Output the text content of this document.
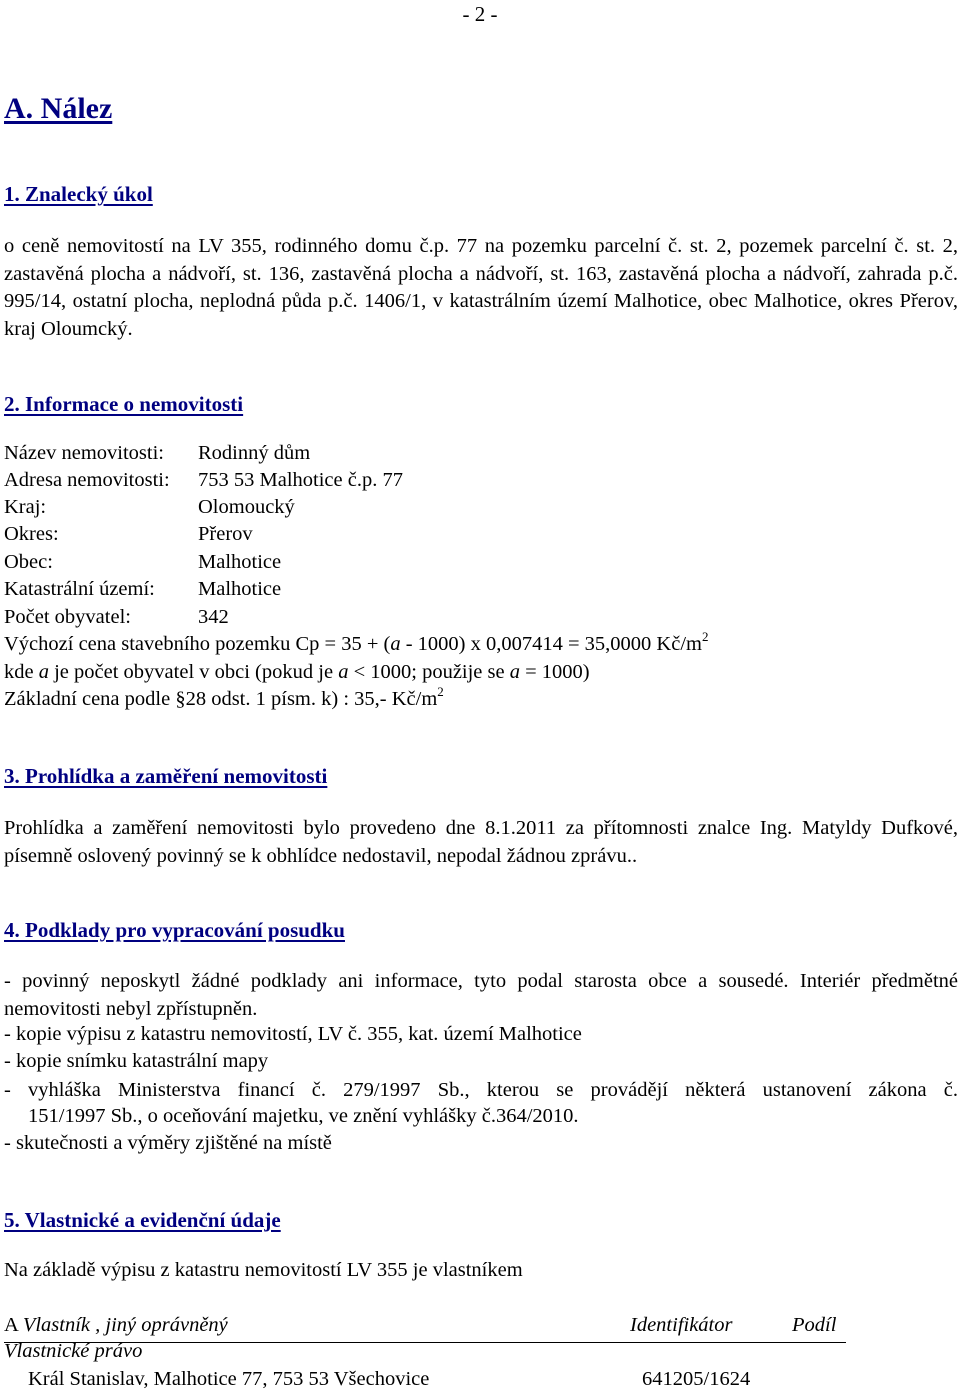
- 2 -
A. Nález
1. Znalecký úkol
o ceně nemovitostí na LV 355, rodinného domu č.p. 77 na pozemku parcelní č. st. 2, pozemek parcelní č. st. 2, zastavěná plocha a nádvoří, st. 136, zastavěná plocha a nádvoří, st. 163, zastavěná plocha a nádvoří, zahrada p.č. 995/14, ostatní plocha, neplodná půda p.č. 1406/1, v katastrálním území Malhotice, obec Malhotice, okres Přerov, kraj Oloumcký.
2. Informace o nemovitosti
Název nemovitosti: Rodinný dům
Adresa nemovitosti: 753 53 Malhotice č.p. 77
Kraj:	Olomoucký
Okres:	Přerov
Obec:	Malhotice
Katastrální území: Malhotice
Počet obyvatel:	342
Výchozí cena stavebního pozemku Cp = 35 + (a - 1000) x 0,007414 = 35,0000 $Kč/m^2$
kde a je počet obyvatel v obci (pokud je a < 1000; použije se a = 1000)
Základní cena podle §28 odst. 1 písm. k) : 35,- $Kč/m^2$
3. Prohlídka a zaměření nemovitosti
Prohlídka a zaměření nemovitosti bylo provedeno dne 8.1.2011 za přítomnosti znalce Ing. Matyldy Dufkové, písemně oslovený povinný se k obhlídce nedostavil, nepodal žádnou zprávu..
4. Podklady pro vypracování posudku
- povinný neposkytl žádné podklady ani informace, tyto podal starosta obce a sousedé. Interiér předmětné nemovitosti nebyl zpřístupněn.
- kopie výpisu z katastru nemovitostí, LV č. 355, kat. území Malhotice
- kopie snímku katastrální mapy
- vyhláška Ministerstva financí č. 279/1997 Sb., kterou se provádějí některá ustanovení zákona č.
151/1997 Sb., o oceňování majetku, ve znění vyhlášky č.364/2010.
- skutečnosti a výměry zjištěné na místě
5. Vlastnické a evidenční údaje
Na základě výpisu z katastru nemovitostí LV 355 je vlastníkem
A Vlastník , jiný oprávněný	Identifikátor	Podíl
Vlastnické právo
Král Stanislav, Malhotice 77, 753 53 Všechovice	641205/1624
